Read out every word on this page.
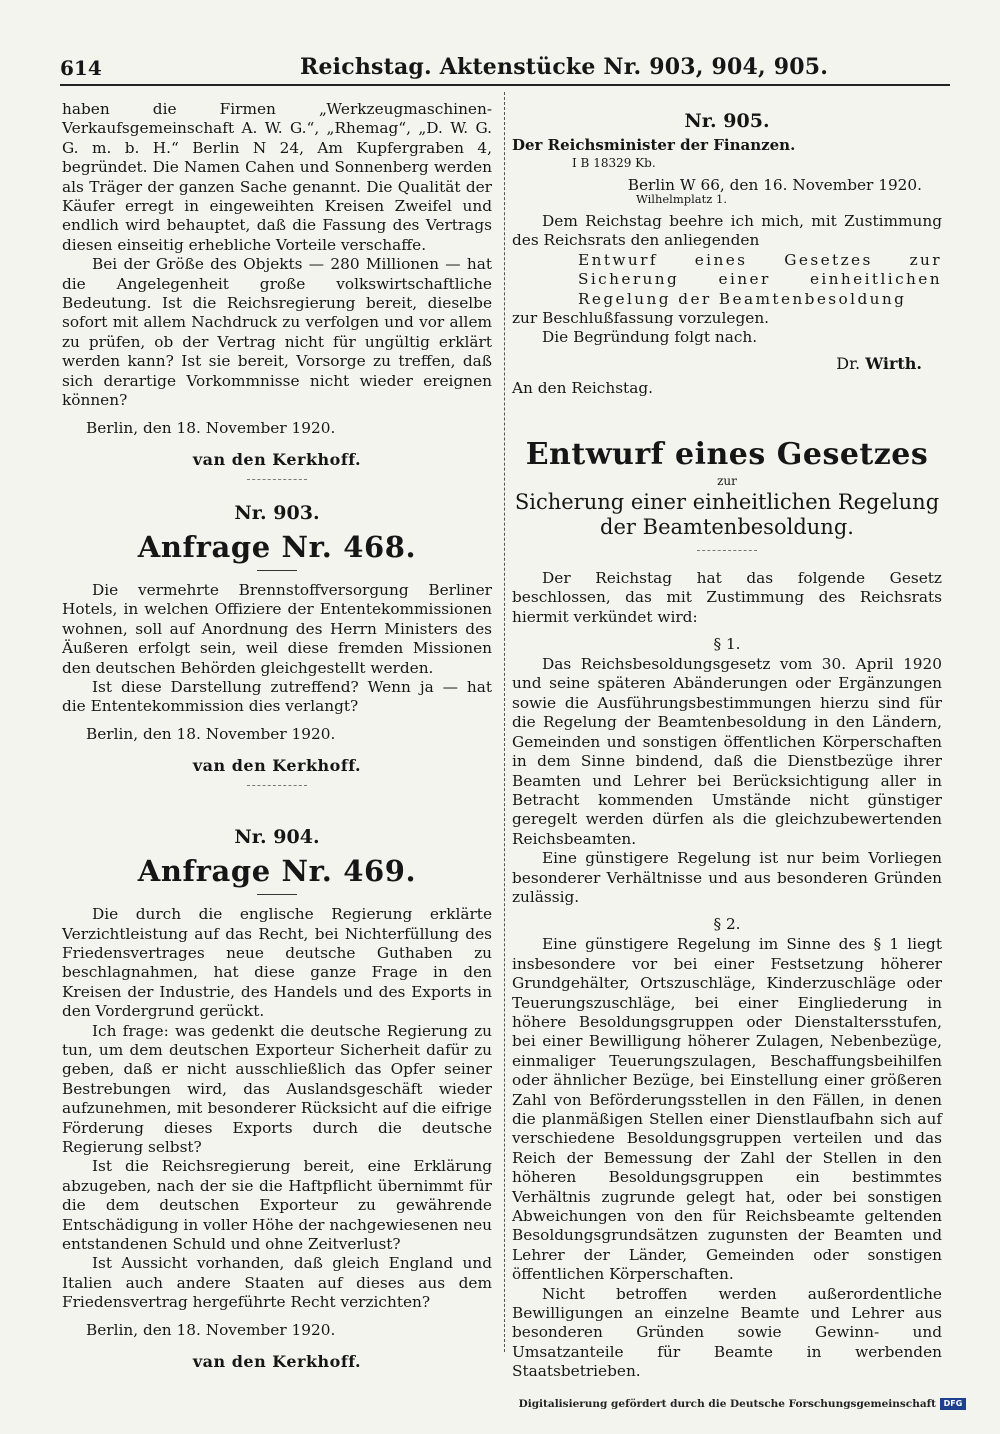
614	Reichstag. Aktenstücke Nr. 903, 904, 905.

haben die Firmen „Werkzeugmaschinen-Verkaufsgemeinschaft A. W. G.“, „Rhemag“, „D. W. G. G. m. b. H.“ Berlin N 24, Am Kupfergraben 4, begründet. Die Namen Cahen und Sonnenberg werden als Träger der ganzen Sache genannt. Die Qualität der Käufer erregt in eingeweihten Kreisen Zweifel und endlich wird behauptet, daß die Fassung des Vertrags diesen einseitig erhebliche Vorteile verschaffe.

Bei der Größe des Objekts — 280 Millionen — hat die Angelegenheit große volkswirtschaftliche Bedeutung. Ist die Reichsregierung bereit, dieselbe sofort mit allem Nachdruck zu verfolgen und vor allem zu prüfen, ob der Vertrag nicht für ungültig erklärt werden kann? Ist sie bereit, Vorsorge zu treffen, daß sich derartige Vorkommnisse nicht wieder ereignen können?

Berlin, den 18. November 1920.
van den Kerkhoff.
Nr. 903.
Anfrage Nr. 468.

Die vermehrte Brennstoffversorgung Berliner Hotels, in welchen Offiziere der Ententekommissionen wohnen, soll auf Anordnung des Herrn Ministers des Äußeren erfolgt sein, weil diese fremden Missionen den deutschen Behörden gleichgestellt werden.

Ist diese Darstellung zutreffend? Wenn ja — hat die Ententekommission dies verlangt?

Berlin, den 18. November 1920.
van den Kerkhoff.
Nr. 904.
Anfrage Nr. 469.

Die durch die englische Regierung erklärte Verzichtleistung auf das Recht, bei Nichterfüllung des Friedensvertrages neue deutsche Guthaben zu beschlagnahmen, hat diese ganze Frage in den Kreisen der Industrie, des Handels und des Exports in den Vordergrund gerückt.

Ich frage: was gedenkt die deutsche Regierung zu tun, um dem deutschen Exporteur Sicherheit dafür zu geben, daß er nicht ausschließlich das Opfer seiner Bestrebungen wird, das Auslandsgeschäft wieder aufzunehmen, mit besonderer Rücksicht auf die eifrige Förderung dieses Exports durch die deutsche Regierung selbst?

Ist die Reichsregierung bereit, eine Erklärung abzugeben, nach der sie die Haftpflicht übernimmt für die dem deutschen Exporteur zu gewährende Entschädigung in voller Höhe der nachgewiesenen neu entstandenen Schuld und ohne Zeitverlust?

Ist Aussicht vorhanden, daß gleich England und Italien auch andere Staaten auf dieses aus dem Friedensvertrag hergeführte Recht verzichten?

Berlin, den 18. November 1920.
van den Kerkhoff.
Nr. 905.
Der Reichsminister der Finanzen.
I B 18329 Kb.
Berlin W 66, den 16. November 1920.
Wilhelmplatz 1.

Dem Reichstag beehre ich mich, mit Zustimmung des Reichsrats den anliegenden

Entwurf eines Gesetzes zur Sicherung einer einheitlichen Regelung der Beamtenbesoldung

zur Beschlußfassung vorzulegen.

Die Begründung folgt nach.

Dr. Wirth.
An den Reichstag.
Entwurf eines Gesetzes
zur
Sicherung einer einheitlichen Regelung der Beamtenbesoldung.

Der Reichstag hat das folgende Gesetz beschlossen, das mit Zustimmung des Reichsrats hiermit verkündet wird:

§ 1.

Das Reichsbesoldungsgesetz vom 30. April 1920 und seine späteren Abänderungen oder Ergänzungen sowie die Ausführungsbestimmungen hierzu sind für die Regelung der Beamtenbesoldung in den Ländern, Gemeinden und sonstigen öffentlichen Körperschaften in dem Sinne bindend, daß die Dienstbezüge ihrer Beamten und Lehrer bei Berücksichtigung aller in Betracht kommenden Umstände nicht günstiger geregelt werden dürfen als die gleichzubewertenden Reichsbeamten.

Eine günstigere Regelung ist nur beim Vorliegen besonderer Verhältnisse und aus besonderen Gründen zulässig.

§ 2.

Eine günstigere Regelung im Sinne des § 1 liegt insbesondere vor bei einer Festsetzung höherer Grundgehälter, Ortszuschläge, Kinderzuschläge oder Teuerungszuschläge, bei einer Eingliederung in höhere Besoldungsgruppen oder Dienstaltersstufen, bei einer Bewilligung höherer Zulagen, Nebenbezüge, einmaliger Teuerungszulagen, Beschaffungsbeihilfen oder ähnlicher Bezüge, bei Einstellung einer größeren Zahl von Beförderungsstellen in den Fällen, in denen die planmäßigen Stellen einer Dienstlaufbahn sich auf verschiedene Besoldungsgruppen verteilen und das Reich der Bemessung der Zahl der Stellen in den höheren Besoldungsgruppen ein bestimmtes Verhältnis zugrunde gelegt hat, oder bei sonstigen Abweichungen von den für Reichsbeamte geltenden Besoldungsgrundsätzen zugunsten der Beamten und Lehrer der Länder, Gemeinden oder sonstigen öffentlichen Körperschaften.

Nicht betroffen werden außerordentliche Bewilligungen an einzelne Beamte und Lehrer aus besonderen Gründen sowie Gewinn- und Umsatzanteile für Beamte in werbenden Staatsbetrieben.

Digitalisierung gefördert durch die Deutsche Forschungsgemeinschaft DFG
